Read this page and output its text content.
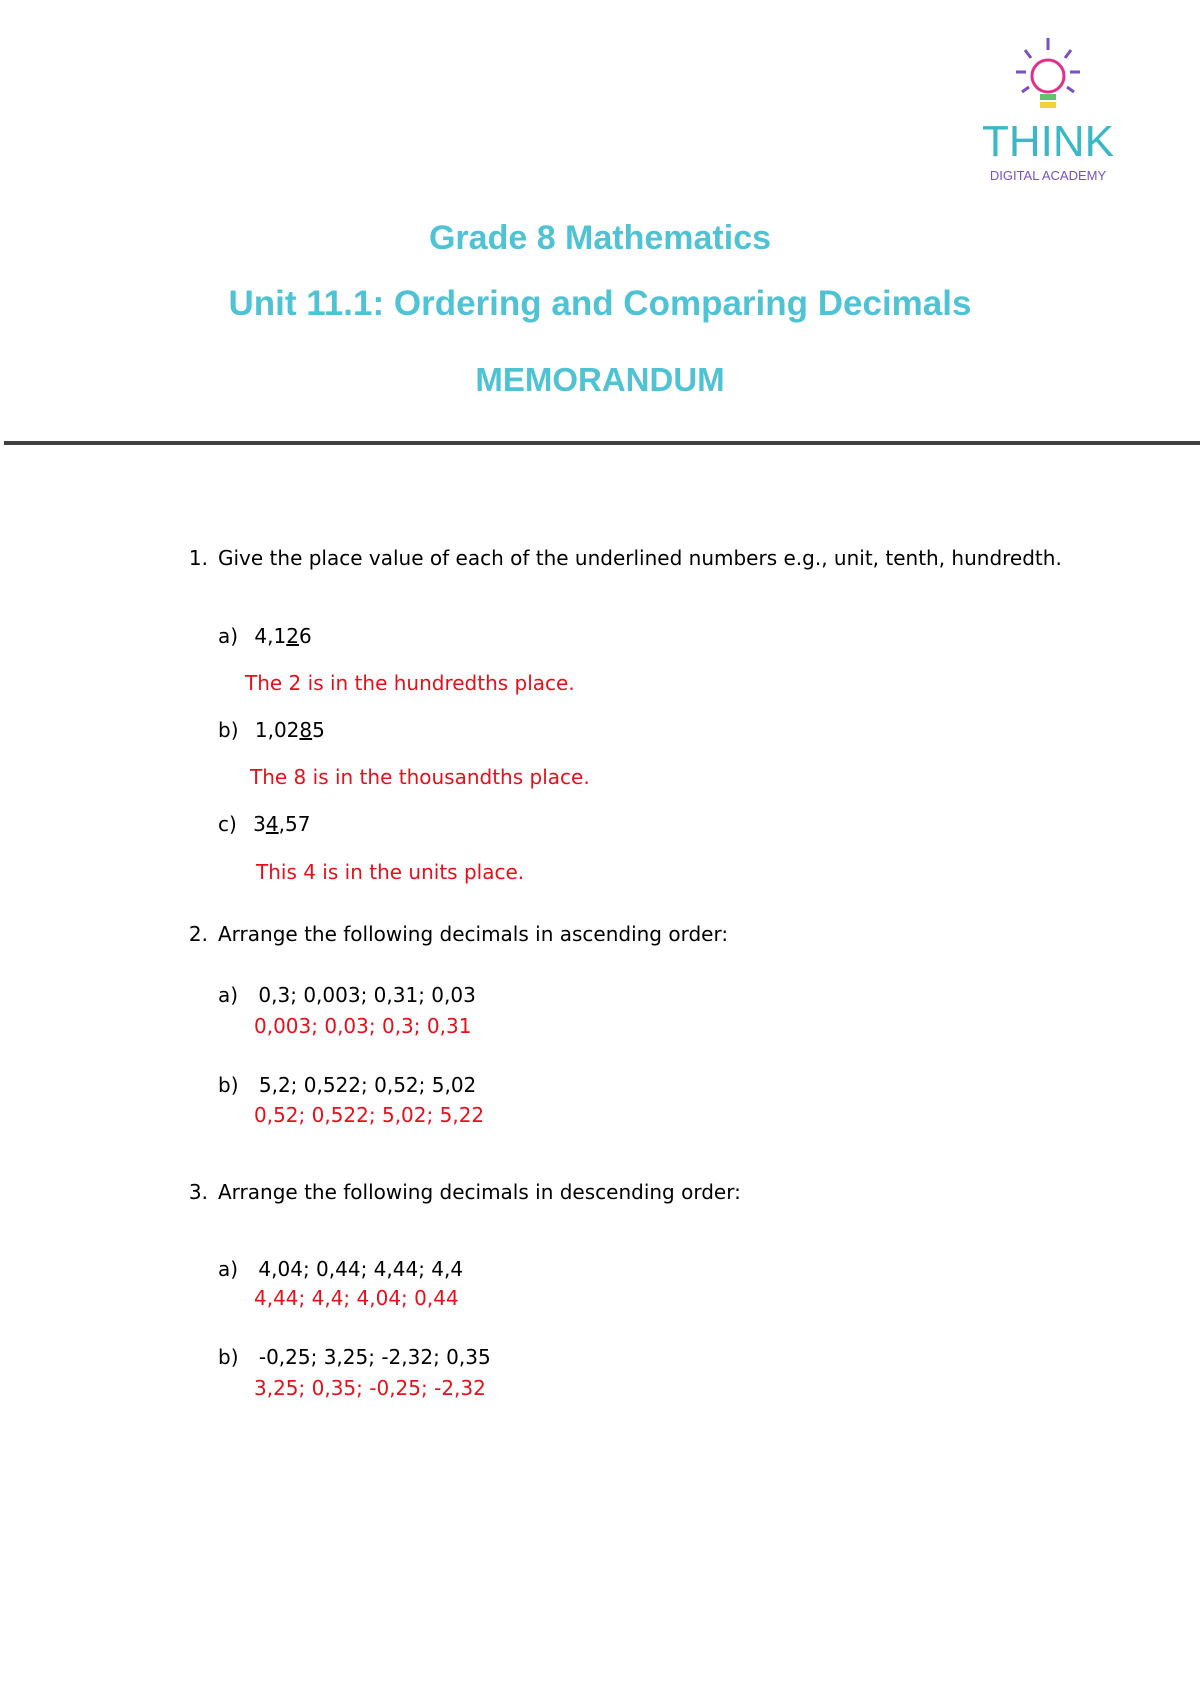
THINK
DIGITAL ACADEMY
Grade 8 Mathematics
Unit 11.1: Ordering and Comparing Decimals
MEMORANDUM
1. Give the place value of each of the underlined numbers e.g., unit, tenth, hundredth.
a) 4,126
The 2 is in the hundredths place.
b) 1,0285
The 8 is in the thousandths place.
c) 34,57
This 4 is in the units place.
2. Arrange the following decimals in ascending order:
a) 0,3; 0,003; 0,31; 0,03
0,003; 0,03; 0,3; 0,31
b) 5,2; 0,522; 0,52; 5,02
0,52; 0,522; 5,02; 5,22
3. Arrange the following decimals in descending order:
a) 4,04; 0,44; 4,44; 4,4
4,44; 4,4; 4,04; 0,44
b) -0,25; 3,25; -2,32; 0,35
3,25; 0,35; -0,25; -2,32
